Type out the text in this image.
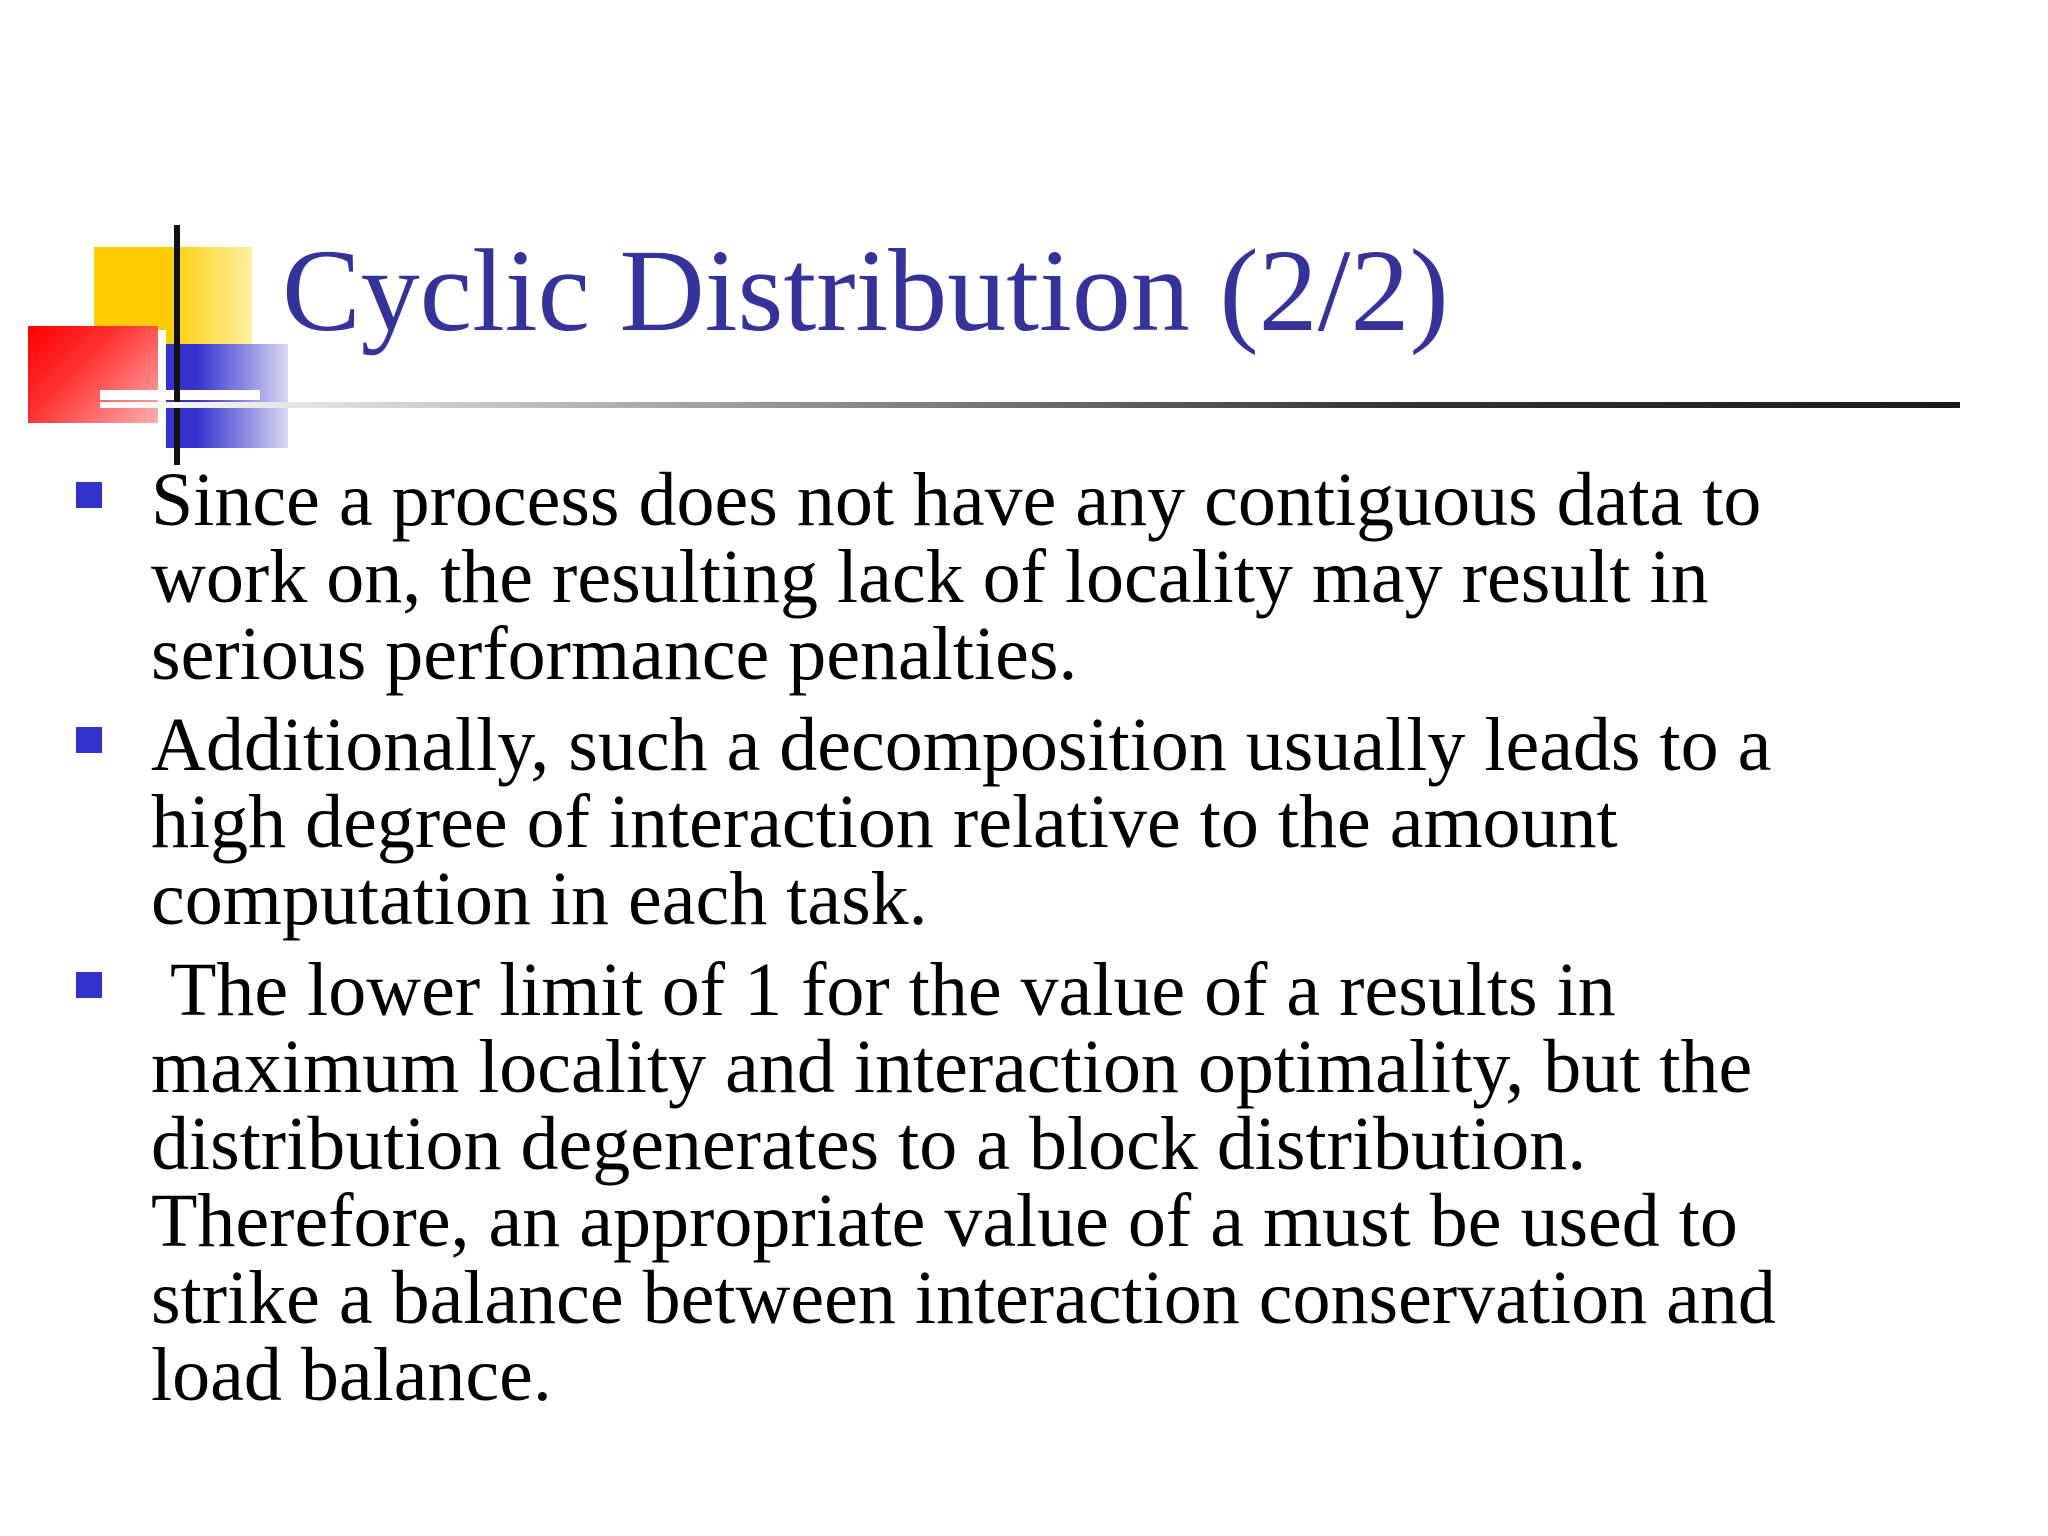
Cyclic Distribution (2/2)
Since a process does not have any contiguous data to work on, the resulting lack of locality may result in serious performance penalties.
Additionally, such a decomposition usually leads to a high degree of interaction relative to the amount computation in each task.
The lower limit of 1 for the value of a results in maximum locality and interaction optimality, but the distribution degenerates to a block distribution. Therefore, an appropriate value of a must be used to strike a balance between interaction conservation and load balance.
